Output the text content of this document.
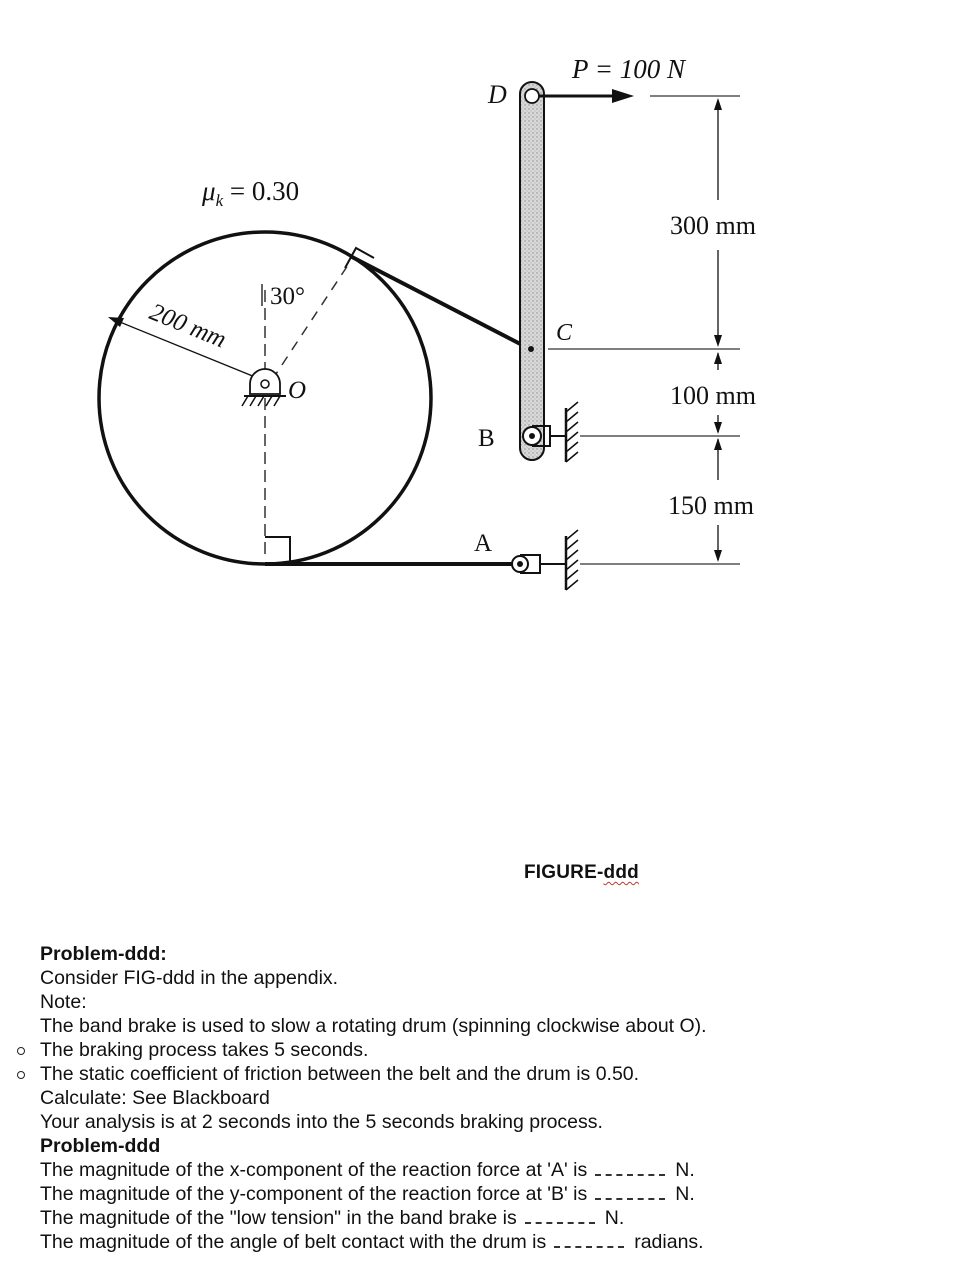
P = 100 N
$\mu_k = 0.30$
30°
200 mm
D
C
B
A
O
300 mm
100 mm
150 mm
FIGURE-ddd
Problem-ddd:
Consider FIG-ddd in the appendix.
Note:
The band brake is used to slow a rotating drum (spinning clockwise about O).
The braking process takes 5 seconds.
The static coefficient of friction between the belt and the drum is 0.50.
Calculate: See Blackboard
Your analysis is at 2 seconds into the 5 seconds braking process.
Problem-ddd
The magnitude of the x-component of the reaction force at 'A' is	N.
The magnitude of the y-component of the reaction force at 'B' is	N.
The magnitude of the "low tension" in the band brake is	N.
The magnitude of the angle of belt contact with the drum is	radians.
